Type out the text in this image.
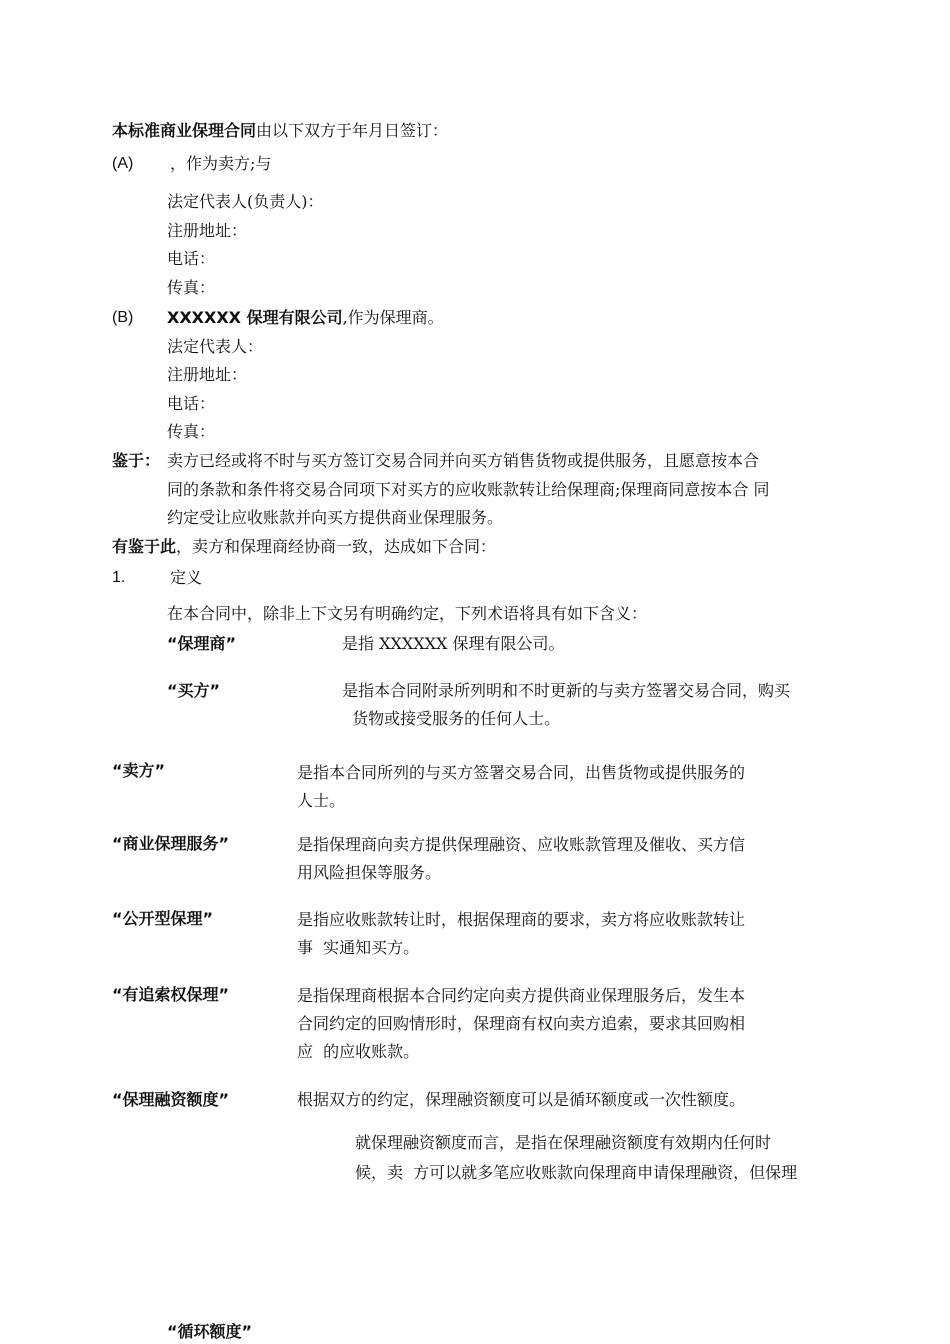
本标准商业保理合同由以下双方于年月日签订：
(A) ，作为卖方;与
法定代表人(负责人)：
注册地址：
电话：
传真：
(B) XXXXXX 保理有限公司,作为保理商。
法定代表人：
注册地址：
电话：
传真：
鉴于： 卖方已经或将不时与买方签订交易合同并向买方销售货物或提供服务，且愿意按本合
同的条款和条件将交易合同项下对买方的应收账款转让给保理商;保理商同意按本合 同
约定受让应收账款并向买方提供商业保理服务。
有鉴于此，卖方和保理商经协商一致，达成如下合同：
1.	定义
在本合同中，除非上下文另有明确约定，下列术语将具有如下含义：
“保理商”	是指 XXXXXX 保理有限公司。
“买方”	是指本合同附录所列明和不时更新的与卖方签署交易合同，购买
货物或接受服务的任何人士。
“卖方”	是指本合同所列的与买方签署交易合同，出售货物或提供服务的
人士。
“商业保理服务”	是指保理商向卖方提供保理融资、应收账款管理及催收、买方信
用风险担保等服务。
“公开型保理”	是指应收账款转让时，根据保理商的要求，卖方将应收账款转让
事  实通知买方。
“有追索权保理”	是指保理商根据本合同约定向卖方提供商业保理服务后，发生本
合同约定的回购情形时，保理商有权向卖方追索，要求其回购相
应  的应收账款。
“保理融资额度”	根据双方的约定，保理融资额度可以是循环额度或一次性额度。
就保理融资额度而言，是指在保理融资额度有效期内任何时
候，卖  方可以就多笔应收账款向保理商申请保理融资，但保理
“循环额度”
